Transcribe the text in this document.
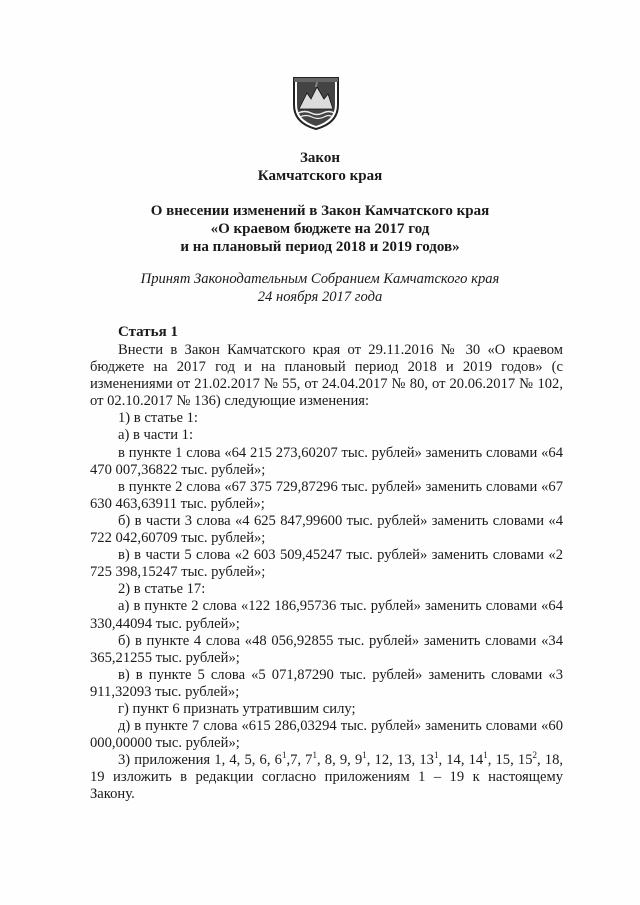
Закон
Камчатского края
О внесении изменений в Закон Камчатского края
«О краевом бюджете на 2017 год
и на плановый период 2018 и 2019 годов»
Принят Законодательным Собранием Камчатского края
24 ноября 2017 года
Статья 1

Внести в Закон Камчатского края от 29.11.2016 № 30 «О краевом бюджете на 2017 год и на плановый период 2018 и 2019 годов» (с изменениями от 21.02.2017 № 55, от 24.04.2017 № 80, от 20.06.2017 № 102, от 02.10.2017 № 136) следующие изменения:

1) в статье 1:

а) в части 1:

в пункте 1 слова «64 215 273,60207 тыс. рублей» заменить словами «64 470 007,36822 тыс. рублей»;

в пункте 2 слова «67 375 729,87296 тыс. рублей» заменить словами «67 630 463,63911 тыс. рублей»;

б) в части 3 слова «4 625 847,99600 тыс. рублей» заменить словами «4 722 042,60709 тыс. рублей»;

в) в части 5 слова «2 603 509,45247 тыс. рублей» заменить словами «2 725 398,15247 тыс. рублей»;

2) в статье 17:

а) в пункте 2 слова «122 186,95736 тыс. рублей» заменить словами «64 330,44094 тыс. рублей»;

б) в пункте 4 слова «48 056,92855 тыс. рублей» заменить словами «34 365,21255 тыс. рублей»;

в) в пункте 5 слова «5 071,87290 тыс. рублей» заменить словами «3 911,32093 тыс. рублей»;

г) пункт 6 признать утратившим силу;

д) в пункте 7 слова «615 286,03294 тыс. рублей» заменить словами «60 000,00000 тыс. рублей»;

3) приложения 1, 4, 5, 6, $6^1,7$, $7^1$, 8, 9, $9^1$, 12, 13, $13^1$, 14, $14^1$, 15, $15^2$, 18, 19 изложить в редакции согласно приложениям 1 – 19 к настоящему Закону.
